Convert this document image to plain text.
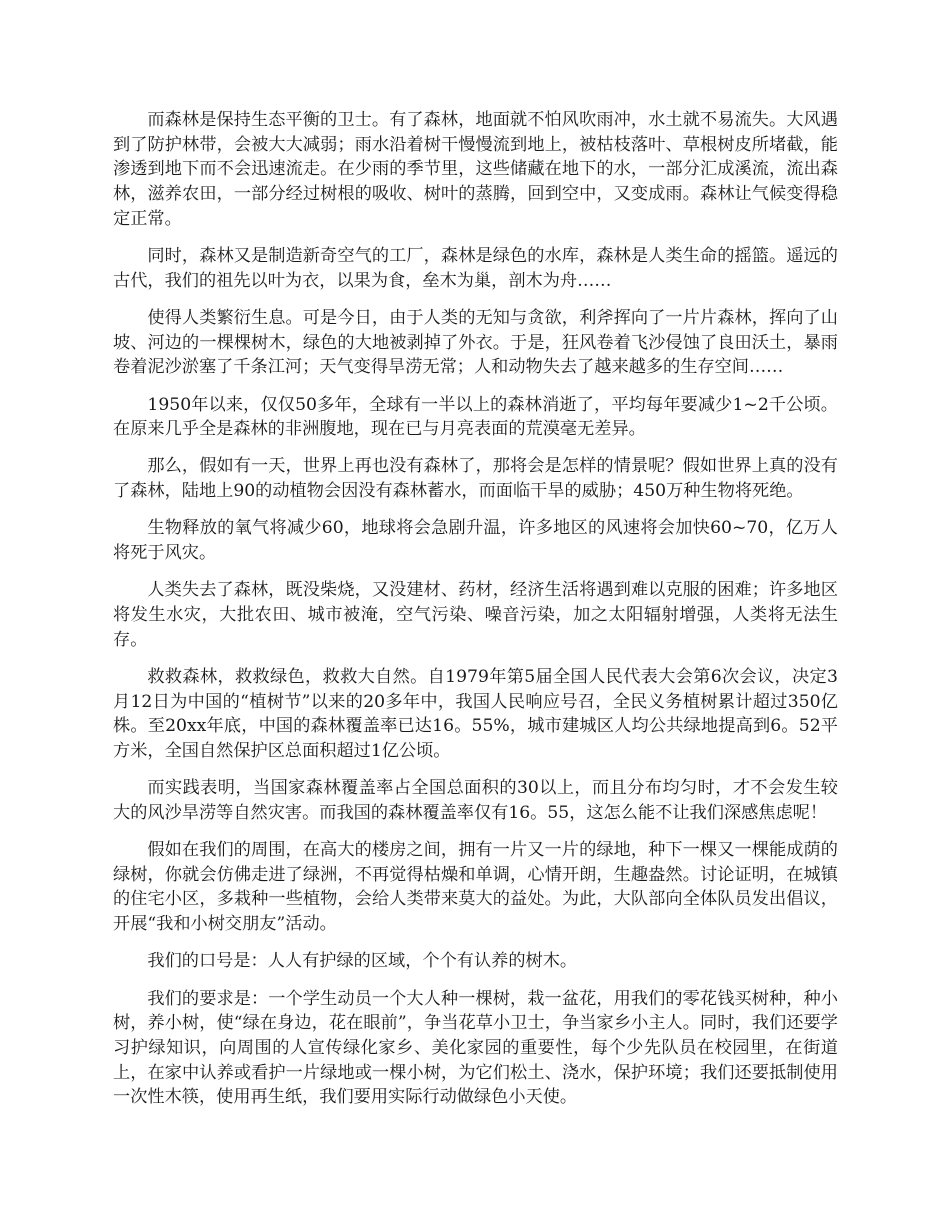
而森林是保持生态平衡的卫士。有了森林，地面就不怕风吹雨冲，水土就不易流失。大风遇到了防护林带，会被大大减弱；雨水沿着树干慢慢流到地上，被枯枝落叶、草根树皮所堵截，能渗透到地下而不会迅速流走。在少雨的季节里，这些储藏在地下的水，一部分汇成溪流，流出森林，滋养农田，一部分经过树根的吸收、树叶的蒸腾，回到空中，又变成雨。森林让气候变得稳定正常。

同时，森林又是制造新奇空气的工厂，森林是绿色的水库，森林是人类生命的摇篮。遥远的古代，我们的祖先以叶为衣，以果为食，垒木为巢，剖木为舟……

使得人类繁衍生息。可是今日，由于人类的无知与贪欲，利斧挥向了一片片森林，挥向了山坡、河边的一棵棵树木，绿色的大地被剥掉了外衣。于是，狂风卷着飞沙侵蚀了良田沃土，暴雨卷着泥沙淤塞了千条江河；天气变得旱涝无常；人和动物失去了越来越多的生存空间……

1950年以来，仅仅50多年，全球有一半以上的森林消逝了，平均每年要减少1~2千公顷。在原来几乎全是森林的非洲腹地，现在已与月亮表面的荒漠毫无差异。

那么，假如有一天，世界上再也没有森林了，那将会是怎样的情景呢？假如世界上真的没有了森林，陆地上90的动植物会因没有森林蓄水，而面临干旱的威胁；450万种生物将死绝。

生物释放的氧气将减少60，地球将会急剧升温，许多地区的风速将会加快60~70，亿万人将死于风灾。

人类失去了森林，既没柴烧，又没建材、药材，经济生活将遇到难以克服的困难；许多地区将发生水灾，大批农田、城市被淹，空气污染、噪音污染，加之太阳辐射增强，人类将无法生存。

救救森林，救救绿色，救救大自然。自1979年第5届全国人民代表大会第6次会议，决定3月12日为中国的“植树节”以来的20多年中，我国人民响应号召，全民义务植树累计超过350亿株。至20xx年底，中国的森林覆盖率已达16。55%，城市建城区人均公共绿地提高到6。52平方米，全国自然保护区总面积超过1亿公顷。

而实践表明，当国家森林覆盖率占全国总面积的30以上，而且分布均匀时，才不会发生较大的风沙旱涝等自然灾害。而我国的森林覆盖率仅有16。55，这怎么能不让我们深感焦虑呢！

假如在我们的周围，在高大的楼房之间，拥有一片又一片的绿地，种下一棵又一棵能成荫的绿树，你就会仿佛走进了绿洲，不再觉得枯燥和单调，心情开朗，生趣盎然。讨论证明，在城镇的住宅小区，多栽种一些植物，会给人类带来莫大的益处。为此，大队部向全体队员发出倡议，开展“我和小树交朋友”活动。

我们的口号是：人人有护绿的区域，个个有认养的树木。

我们的要求是：一个学生动员一个大人种一棵树，栽一盆花，用我们的零花钱买树种，种小树，养小树，使“绿在身边，花在眼前”，争当花草小卫士，争当家乡小主人。同时，我们还要学习护绿知识，向周围的人宣传绿化家乡、美化家园的重要性，每个少先队员在校园里，在街道上，在家中认养或看护一片绿地或一棵小树，为它们松土、浇水，保护环境；我们还要抵制使用一次性木筷，使用再生纸，我们要用实际行动做绿色小天使。
